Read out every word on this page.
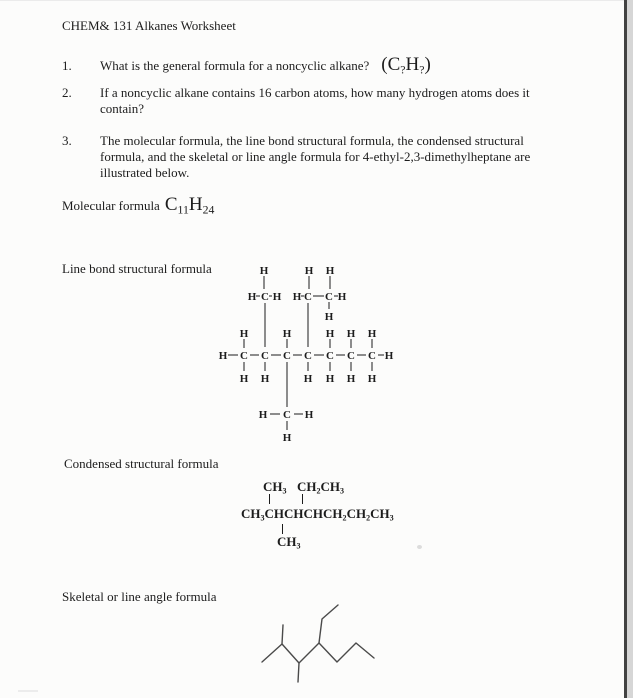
CHEM& 131 Alkanes Worksheet
1.	What is the general formula for a noncyclic alkane? $(C_?H_?)$
2.	If a noncyclic alkane contains 16 carbon atoms, how many hydrogen atoms does it
contain?
3.	The molecular formula, the line bond structural formula, the condensed structural
formula, and the skeletal or line angle formula for 4-ethyl-2,3-dimethylheptane are
illustrated below.
Molecular formula $C_{11}H_{24}$
Line bond structural formula
Condensed structural formula
Skeletal or line angle formula
H
H C H
H H
H C C H
H
H C C C C C C C H
H	H	H H H
H H	H H H H
H C H
H
$CH_3$ $CH_2CH_3$
$CH_3CHCHCHCH_2CH_2CH_3$
$CH_3$
